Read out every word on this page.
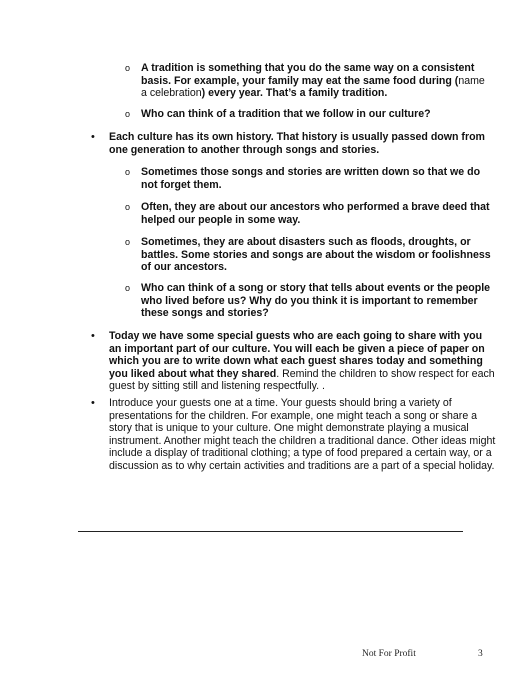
o A tradition is something that you do the same way on a consistent basis. For example, your family may eat the same food during (name a celebration) every year. That’s a family tradition.
o Who can think of a tradition that we follow in our culture?
• Each culture has its own history. That history is usually passed down from one generation to another through songs and stories.
o Sometimes those songs and stories are written down so that we do not forget them.
o Often, they are about our ancestors who performed a brave deed that helped our people in some way.
o Sometimes, they are about disasters such as floods, droughts, or battles. Some stories and songs are about the wisdom or foolishness of our ancestors.
o Who can think of a song or story that tells about events or the people who lived before us? Why do you think it is important to remember these songs and stories?
• Today we have some special guests who are each going to share with you an important part of our culture. You will each be given a piece of paper on which you are to write down what each guest shares today and something you liked about what they shared. Remind the children to show respect for each guest by sitting still and listening respectfully. .
• Introduce your guests one at a time. Your guests should bring a variety of presentations for the children. For example, one might teach a song or share a story that is unique to your culture. One might demonstrate playing a musical instrument. Another might teach the children a traditional dance. Other ideas might include a display of traditional clothing; a type of food prepared a certain way, or a discussion as to why certain activities and traditions are a part of a special holiday.
Not For Profit	3
